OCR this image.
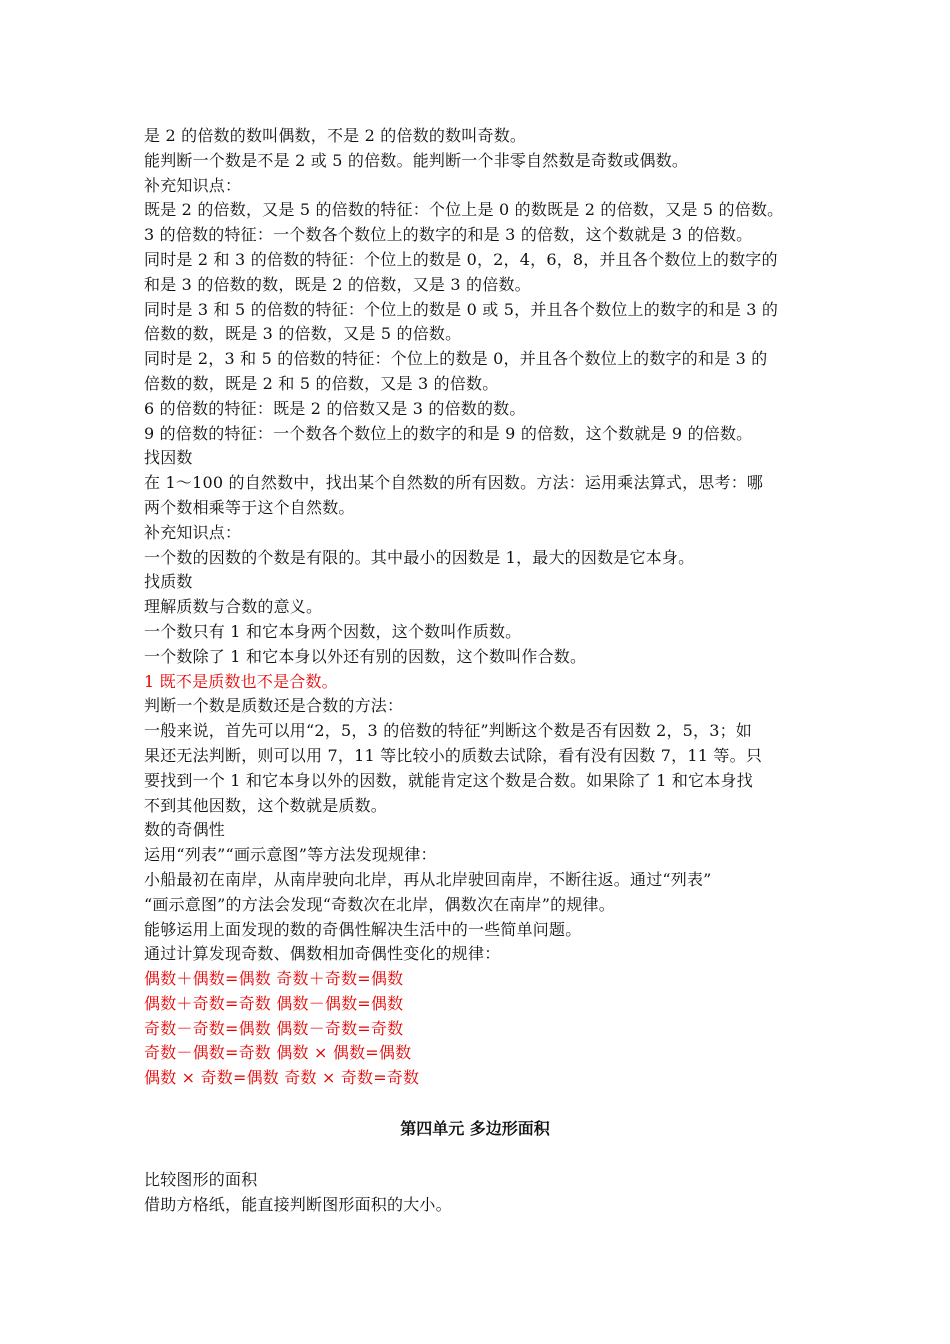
是 2 的倍数的数叫偶数，不是 2 的倍数的数叫奇数。
能判断一个数是不是 2 或 5 的倍数。能判断一个非零自然数是奇数或偶数。
补充知识点：
既是 2 的倍数，又是 5 的倍数的特征：个位上是 0 的数既是 2 的倍数，又是 5 的倍数。
3 的倍数的特征：一个数各个数位上的数字的和是 3 的倍数，这个数就是 3 的倍数。
同时是 2 和 3 的倍数的特征：个位上的数是 0，2，4，6，8，并且各个数位上的数字的
和是 3 的倍数的数，既是 2 的倍数，又是 3 的倍数。
同时是 3 和 5 的倍数的特征：个位上的数是 0 或 5，并且各个数位上的数字的和是 3 的
倍数的数，既是 3 的倍数，又是 5 的倍数。
同时是 2，3 和 5 的倍数的特征：个位上的数是 0，并且各个数位上的数字的和是 3 的
倍数的数，既是 2 和 5 的倍数，又是 3 的倍数。
6 的倍数的特征：既是 2 的倍数又是 3 的倍数的数。
9 的倍数的特征：一个数各个数位上的数字的和是 9 的倍数，这个数就是 9 的倍数。
找因数
在 1～100 的自然数中，找出某个自然数的所有因数。方法：运用乘法算式，思考：哪
两个数相乘等于这个自然数。
补充知识点：
一个数的因数的个数是有限的。其中最小的因数是 1，最大的因数是它本身。
找质数
理解质数与合数的意义。
一个数只有 1 和它本身两个因数，这个数叫作质数。
一个数除了 1 和它本身以外还有别的因数，这个数叫作合数。
1 既不是质数也不是合数。
判断一个数是质数还是合数的方法：
一般来说，首先可以用“2，5，3 的倍数的特征”判断这个数是否有因数 2，5，3；如
果还无法判断，则可以用 7，11 等比较小的质数去试除，看有没有因数 7，11 等。只
要找到一个 1 和它本身以外的因数，就能肯定这个数是合数。如果除了 1 和它本身找
不到其他因数，这个数就是质数。
数的奇偶性
运用“列表”“画示意图”等方法发现规律：
小船最初在南岸，从南岸驶向北岸，再从北岸驶回南岸，不断往返。通过“列表”
“画示意图”的方法会发现“奇数次在北岸，偶数次在南岸”的规律。
能够运用上面发现的数的奇偶性解决生活中的一些简单问题。
通过计算发现奇数、偶数相加奇偶性变化的规律：
偶数＋偶数=偶数 奇数＋奇数=偶数
偶数＋奇数=奇数 偶数－偶数=偶数
奇数－奇数=偶数 偶数－奇数=奇数
奇数－偶数=奇数 偶数 × 偶数=偶数
偶数 × 奇数=偶数 奇数 × 奇数=奇数
第四单元 多边形面积
比较图形的面积
借助方格纸，能直接判断图形面积的大小。
